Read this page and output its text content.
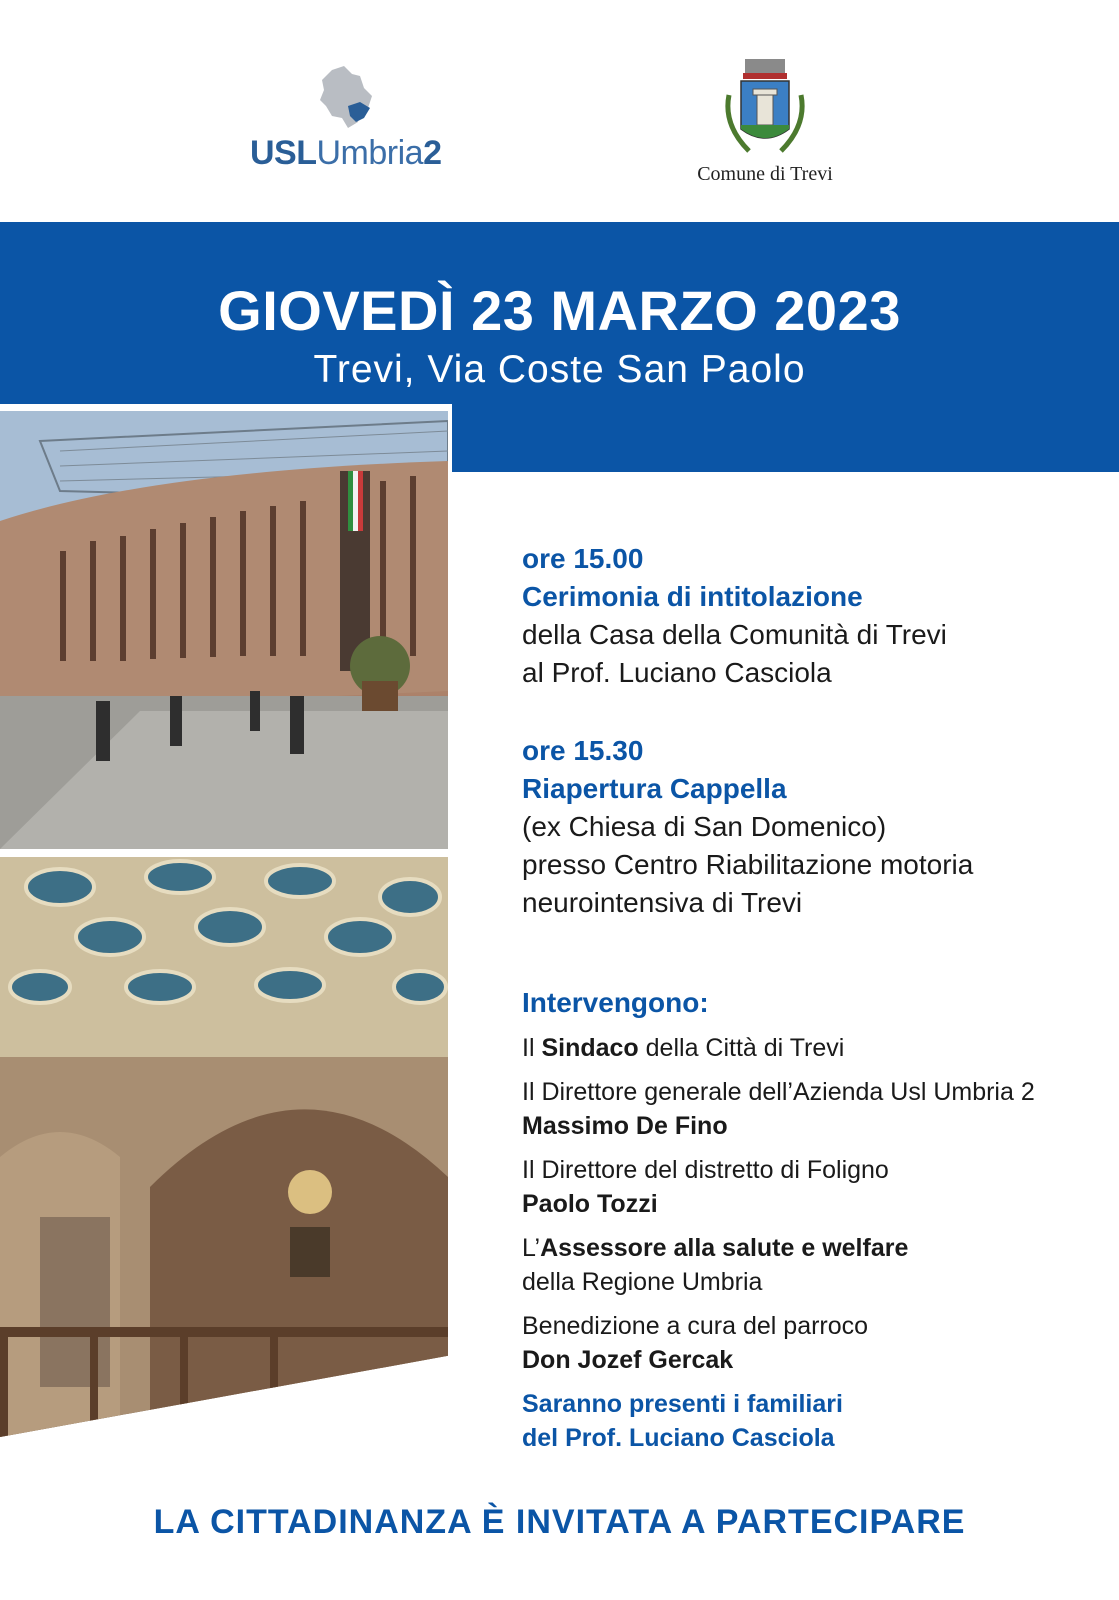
USLUmbria2
Comune di Trevi
GIOVEDÌ 23 MARZO 2023
Trevi, Via Coste San Paolo
ore 15.00
Cerimonia di intitolazione
della Casa della Comunità di Trevi
al Prof. Luciano Casciola
ore 15.30
Riapertura Cappella
(ex Chiesa di San Domenico)
presso Centro Riabilitazione motoria
neurointensiva di Trevi
Intervengono:
Il Sindaco della Città di Trevi
Il Direttore generale dell’Azienda Usl Umbria 2
Massimo De Fino
Il Direttore del distretto di Foligno
Paolo Tozzi
L’Assessore alla salute e welfare
della Regione Umbria
Benedizione a cura del parroco
Don Jozef Gercak
Saranno presenti i familiari
del Prof. Luciano Casciola
LA CITTADINANZA È INVITATA A PARTECIPARE
